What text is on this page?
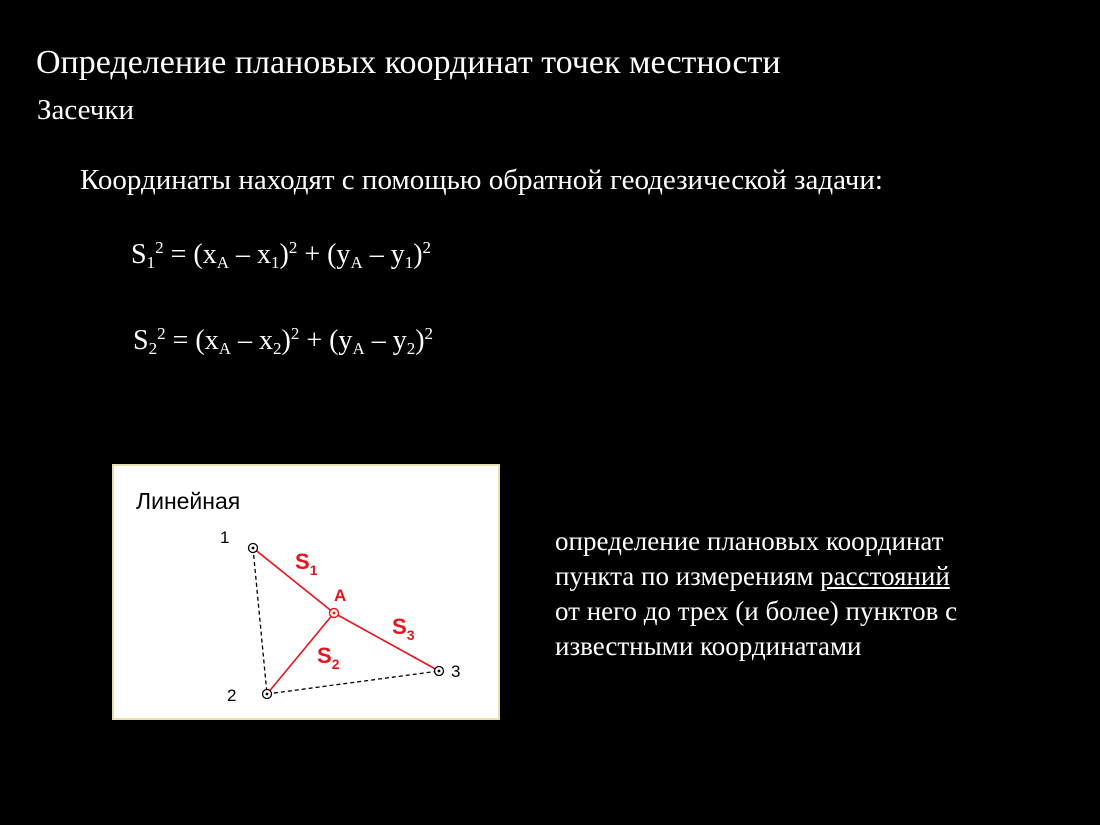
Определение плановых координат точек местности
Засечки
Координаты находят с помощью обратной геодезической задачи:
$S_1^2 = (x_A - x_1)^2 + (y_A - y_1)^2$
$S_2^2 = (x_A - x_2)^2 + (y_A - y_2)^2$
Линейная
1
2
3
A
$S_1$
$S_3$
$S_2$
определение плановых координат
пункта по измерениям расстояний
от него до трех (и более) пунктов с
известными координатами
